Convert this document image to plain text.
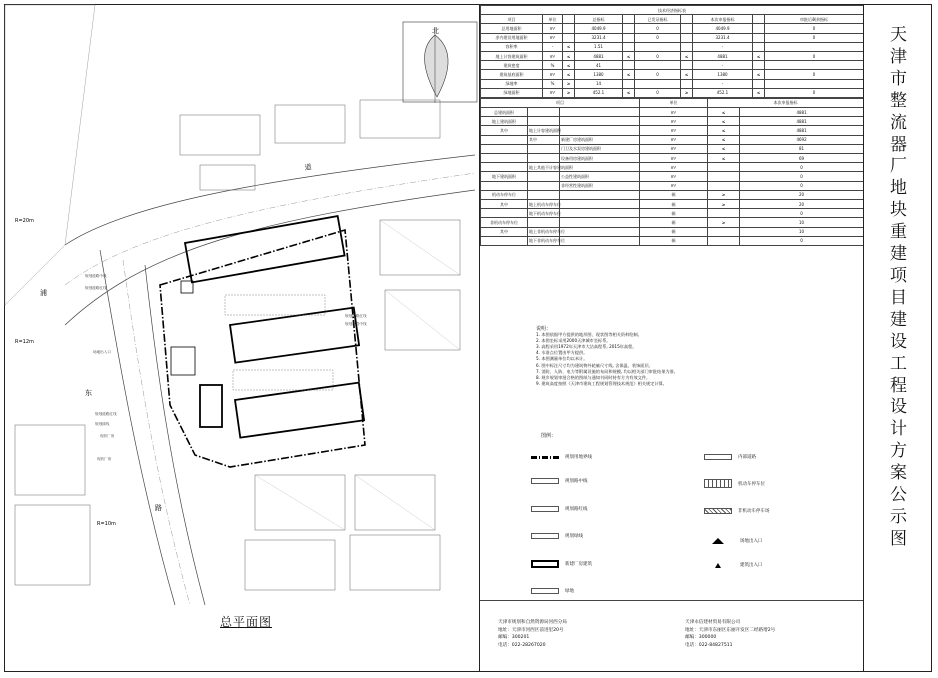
北
道
浦
东
路
R=20m
R=12m
R=10m
规划道路中线
规划道路红线
规划道路红线
规划道路中线
规划道路红线
规划绿线
现状厂房
现状厂房
场地出入口
总平面图
技术经济指标表									
项目	单位		总指标		已发证指标		本次申报指标		审批后剩余指标
总用地面积	m²		4049.9		0		4049.9		0
净内建设用地面积	m²		3231.4		0		3231.4		0
容积率	-	≤	1.51				-		
地上计容建筑面积	m²	≤	4881	≤	0	≤	4881	≤	0
建筑密度	%	≤	41				-		
建筑基底面积	m²	≤	1380	≤	0	≤	1380	≤	0
绿地率	%	≥	14				-		
绿地面积	m²	≥	452.1	≤	0	≥	452.1	≤	0
项目			单位	本次申报指标	
总建筑面积			m²	≤	4881
地上建筑面积			m²	≤	4881
其中	地上计容建筑面积		m²	≤	4881
	其中	新建厂房建筑面积	m²	≤	4692
		门卫及水泵房建筑面积	m²	≤	81
		设备用房建筑面积	m²	≤	69
	地上其他不计容建筑面积		m²		0
地下建筑面积		公益性建筑面积	m²		0
		非经营性建筑面积	m²		0
机动车停车位			辆	≥	20
其中	地上机动车停车位		辆	≥	20
	地下机动车停车位		辆		0
非机动车停车位			辆	≥	10
其中	地上非机动车停车位		辆		10
	地下非机动车停车位		辆		0
说明：
1. 本图依据甲方提供的地形图、现状图等相关资料绘制。
2. 本图坐标采用2000天津城市坐标系。
3. 高程采用1972年天津市大沽高程系, 2015年高程。
4. 水准点位置由甲方提供。
5. 本图测量单位均以米计。
6. 图中标注尺寸均为建筑物外轮廓尺寸线, 含保温、装饰面层。
7. 消防、人防、电力等附属设施的布局和规模, 均以相关部门审批结果为准。
8. 规乡规划审批合格的图纸与通知书同时持有方为有效文件。
9. 建筑高度按照《天津市建筑工程规划管理技术规范》相关规定计算。
图例：
规划用地界线
规划路中线
规划路红线
规划绿线
新建厂房建筑
绿地
内部道路
机动车停车位
非机动车停车场
场地出入口
建筑出入口
天津市规划和自然资源局河西分局
地址：天津市河西区前进里20号
邮编：300201
电话：022-28267020
天津永信建材贸易有限公司
地址：天津市东丽区东丽开发区二经路增2号
邮编：300000
电话：022-84827511
天
津
市
整
流
器
厂
地
块
重
建
项
目
建
设
工
程
设
计
方
案
公
示
图
